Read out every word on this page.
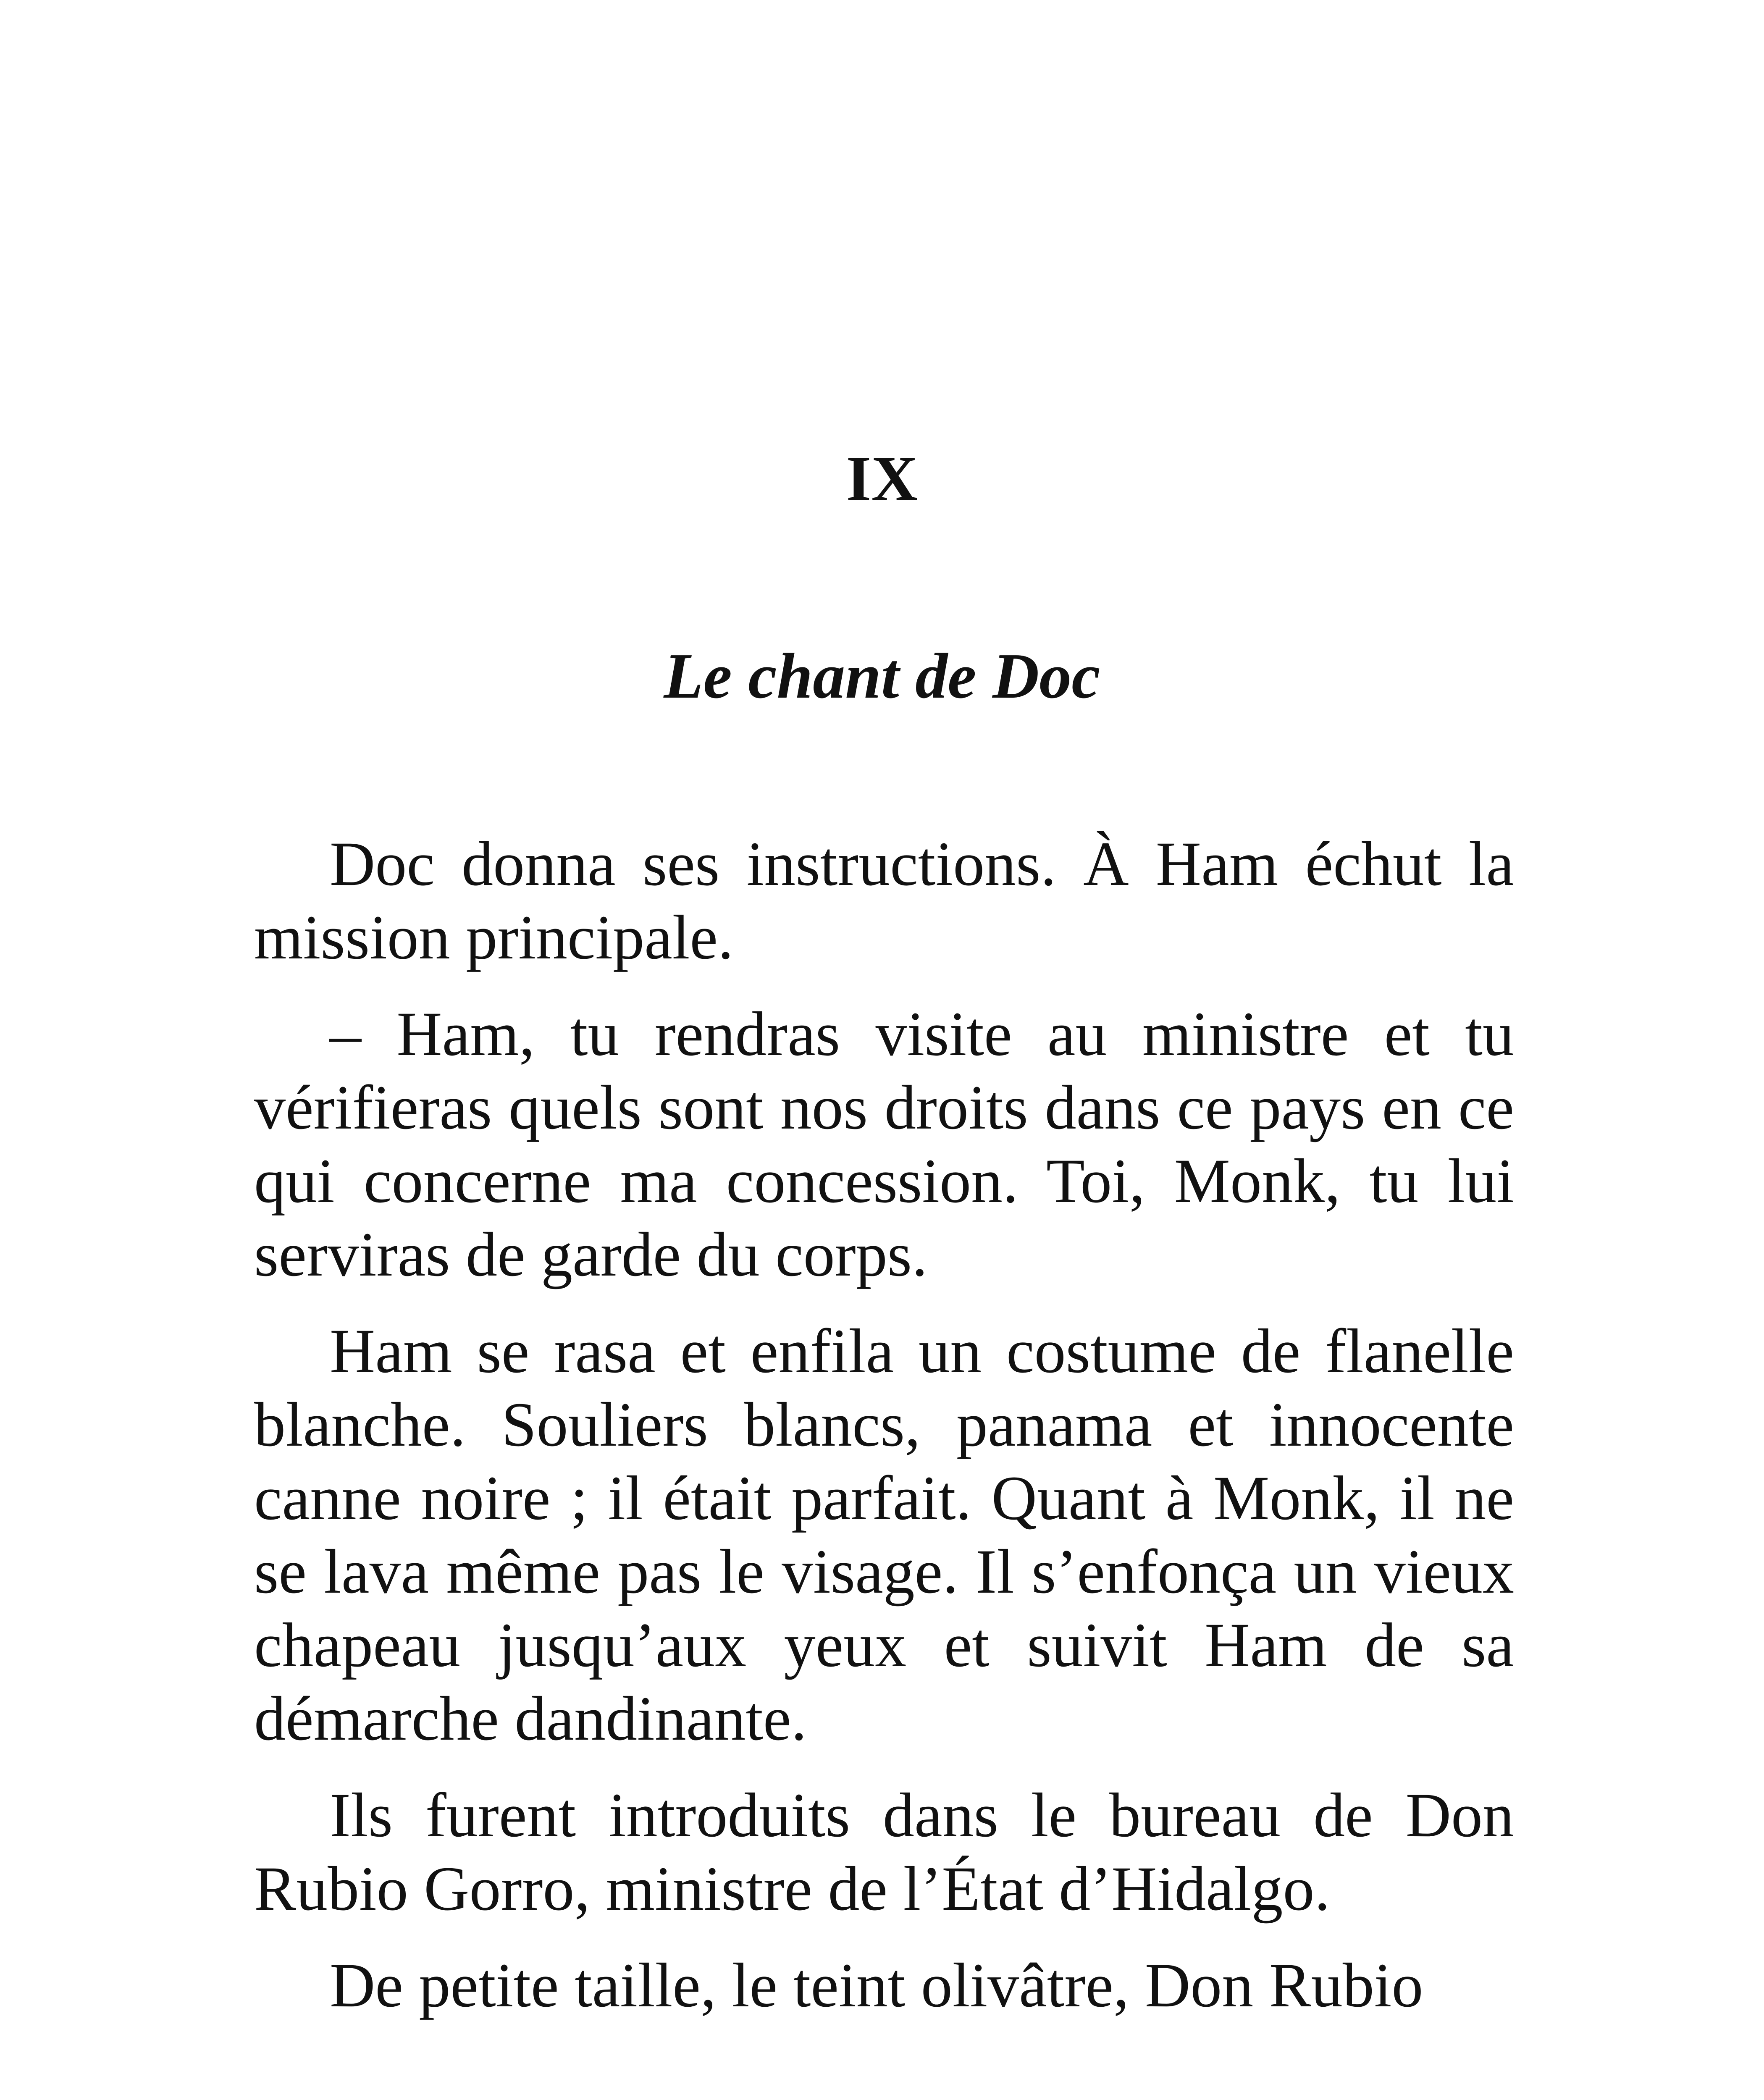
IX
Le chant de Doc

Doc donna ses instructions. À Ham échut la mission principale.

– Ham, tu rendras visite au ministre et tu vérifieras quels sont nos droits dans ce pays en ce qui concerne ma concession. Toi, Monk, tu lui serviras de garde du corps.

Ham se rasa et enfila un costume de flanelle blanche. Souliers blancs, panama et innocente canne noire ; il était parfait. Quant à Monk, il ne se lava même pas le visage. Il s’enfonça un vieux chapeau jusqu’aux yeux et suivit Ham de sa démarche dandinante.

Ils furent introduits dans le bureau de Don Rubio Gorro, ministre de l’État d’Hidalgo.

De petite taille, le teint olivâtre, Don Rubio
